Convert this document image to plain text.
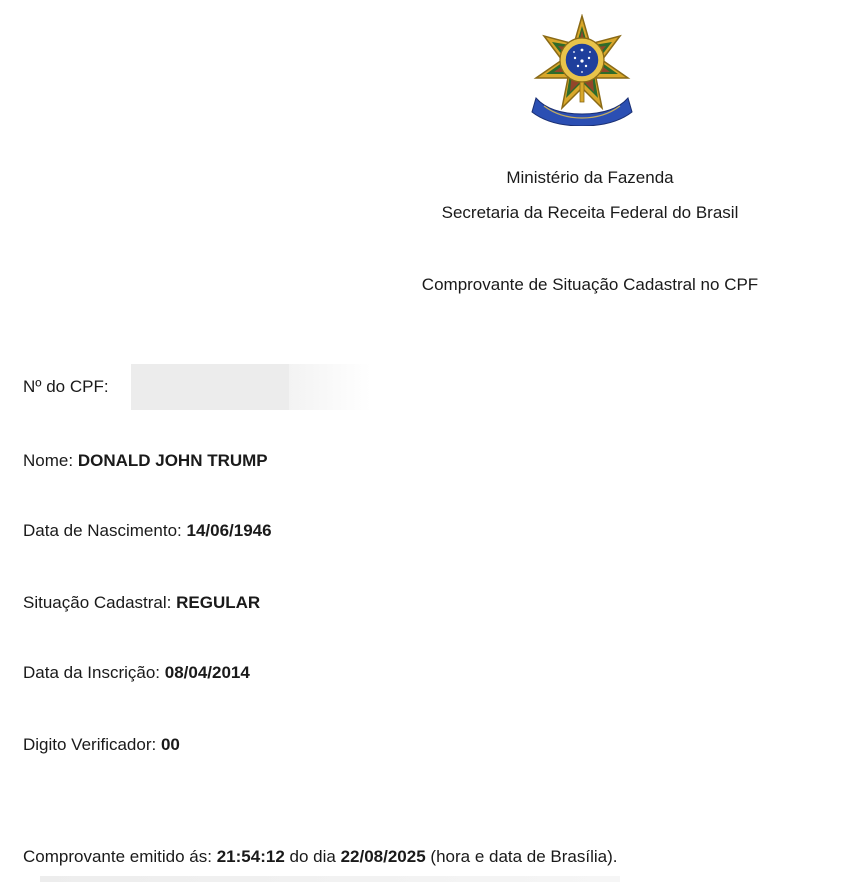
Ministério da Fazenda
Secretaria da Receita Federal do Brasil
Comprovante de Situação Cadastral no CPF
Nº do CPF:
Nome: DONALD JOHN TRUMP
Data de Nascimento: 14/06/1946
Situação Cadastral: REGULAR
Data da Inscrição: 08/04/2014
Digito Verificador: 00
Comprovante emitido ás: 21:54:12 do dia 22/08/2025 (hora e data de Brasília).
